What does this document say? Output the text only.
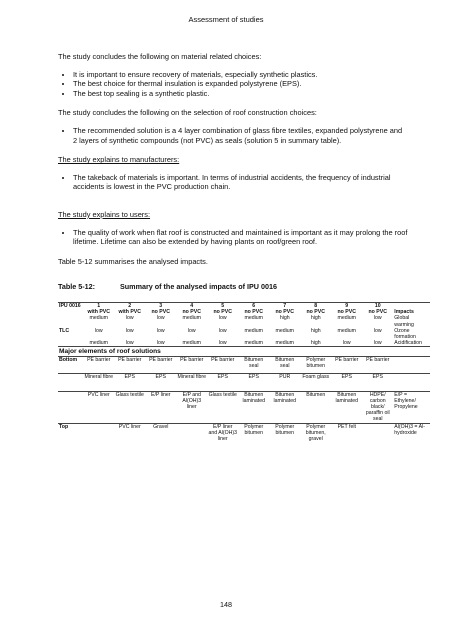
Assessment of studies

The study concludes the following on material related choices:

• It is important to ensure recovery of materials, especially synthetic plastics.
• The best choice for thermal insulation is expanded polystyrene (EPS).
• The best top sealing is a synthetic plastic.

The study concludes the following on the selection of roof construction choices:

• The recommended solution is a 4 layer combination of glass fibre textiles, expanded polystyrene and 2 layers of synthetic compounds (not PVC) as seals (solution 5 in summary table).

The study explains to manufacturers:

• The takeback of materials is important. In terms of industrial accidents, the frequency of industrial accidents is lowest in the PVC production chain.

The study explains to users:

• The quality of work when flat roof is constructed and maintained is important as it may prolong the roof lifetime. Lifetime can also be extended by having plants on roof/green roof.

Table 5-12 summarises the analysed impacts.

Table 5-12:	Summary of the analysed impacts of IPU 0016
IPU 0016	1	2	3	4	5	6	7	8	9	10	
	with PVC	with PVC	no PVC	no PVC	no PVC	no PVC	no PVC	no PVC	no PVC	no PVC	Impacts
	medium	low	low	medium	low	medium	high	high	medium	low	Global warming
TLC	low	low	low	low	low	medium	medium	high	medium	low	Ozone formation
	medium	low	low	medium	low	medium	medium	high	low	low	Acidification
Major elements of roof solutions											
Bottom	PE barrier	PE barrier	PE barrier	PE barrier	PE barrier	Bitumen seal	Bitumen seal	Polymer bitumen	PE barrier	PE barrier	
	Mineral fibre	EPS	EPS	Mineral fibre	EPS	EPS	PUR	Foam glass	EPS	EPS	
	PVC liner	Glass textile	E/P liner	E/P and Al(OH)3 liner	Glass textile	Bitumen laminated	Bitumen laminated	Bitumen	Bitumen laminated	HDPE/ carbon black/ paraffin oil seal	E/P = Ethylene/ Propylene
Top		PVC liner	Gravel		E/P liner and Al(OH)3 liner	Polymer bitumen	Polymer bitumen	Polymer bitumen, gravel	PET felt		Al(OH)3 = Al- hydroxide
148
